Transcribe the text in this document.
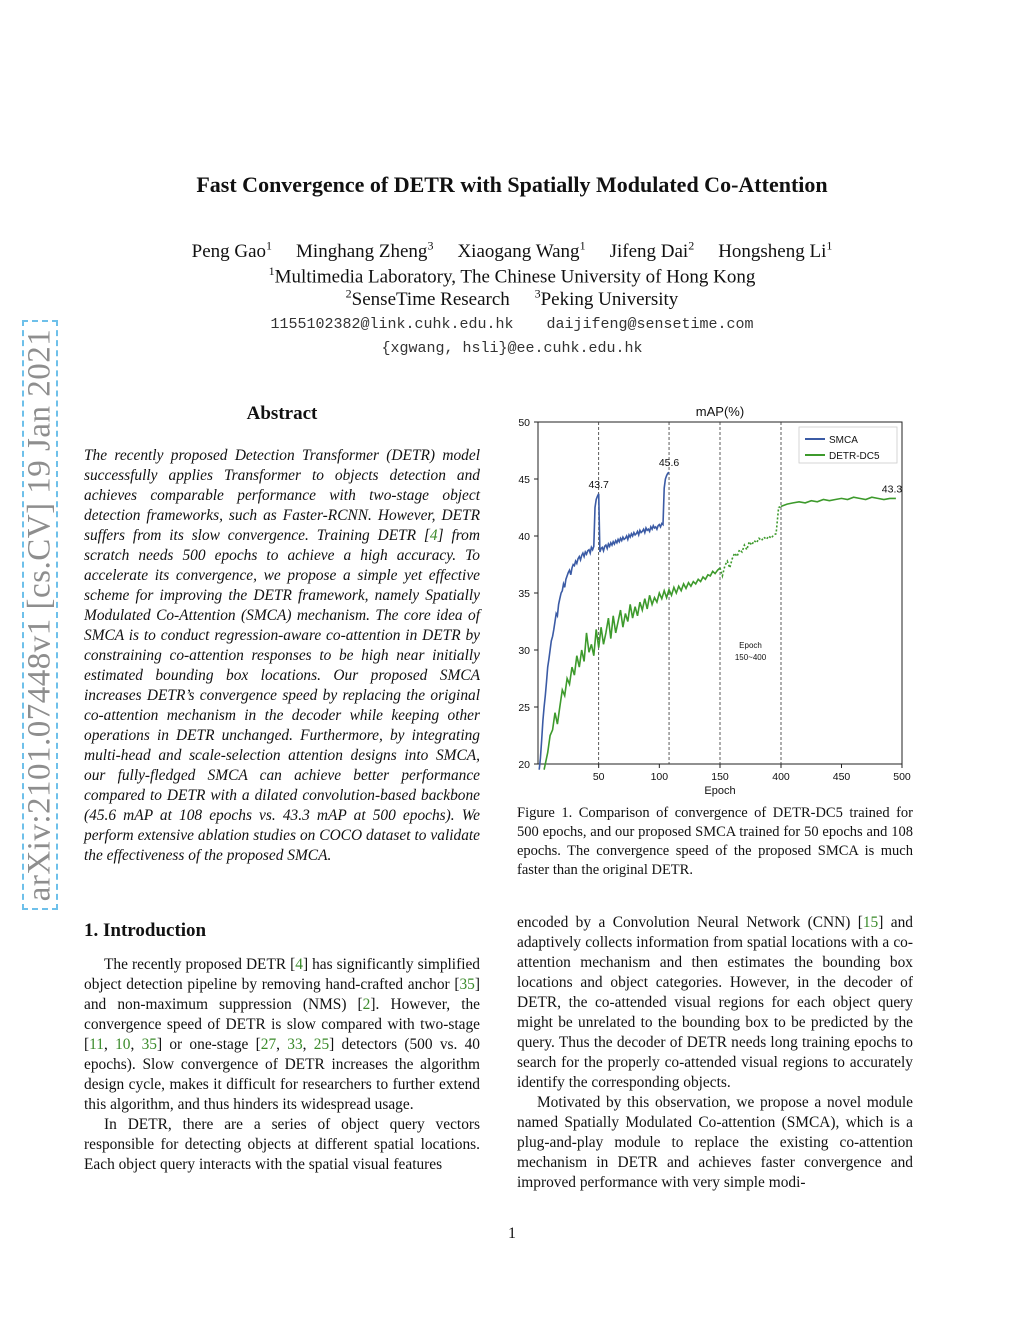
Fast Convergence of DETR with Spatially Modulated Co-Attention
Peng Gao$^1$ Minghang Zheng$^3$ Xiaogang Wang$^1$ Jifeng Dai$^2$ Hongsheng Li$^1$
$^1$Multimedia Laboratory, The Chinese University of Hong Kong
$^2$SenseTime Research $^3$Peking University
1155102382@link.cuhk.edu.hk daijifeng@sensetime.com
{xgwang, hsli}@ee.cuhk.edu.hk
arXiv:2101.07448v1 [cs.CV] 19 Jan 2021	Abstract

The recently proposed Detection Transformer (DETR) model successfully applies Transformer to objects detection and achieves comparable performance with two-stage object detection frameworks, such as Faster-RCNN. However, DETR suffers from its slow convergence. Training DETR [4] from scratch needs 500 epochs to achieve a high accuracy. To accelerate its convergence, we propose a simple yet effective scheme for improving the DETR framework, namely Spatially Modulated Co-Attention (SMCA) mechanism. The core idea of SMCA is to conduct regression-aware co-attention in DETR by constraining co-attention responses to be high near initially estimated bounding box locations. Our proposed SMCA increases DETR’s convergence speed by replacing the original co-attention mechanism in the decoder while keeping other operations in DETR unchanged. Furthermore, by integrating multi-head and scale-selection attention designs into SMCA, our fully-fledged SMCA can achieve better performance compared to DETR with a dilated convolution-based backbone (45.6 mAP at 108 epochs vs. 43.3 mAP at 500 epochs). We perform extensive ablation studies on COCO dataset to validate the effectiveness of the proposed SMCA.

1. Introduction

The recently proposed DETR [4] has significantly simplified object detection pipeline by removing hand-crafted anchor [35] and non-maximum suppression (NMS) [2]. However, the convergence speed of DETR is slow compared with two-stage [11, 10, 35] or one-stage [27, 33, 25] detectors (500 vs. 40 epochs). Slow convergence of DETR increases the algorithm design cycle, makes it difficult for researchers to further extend this algorithm, and thus hinders its widespread usage.

In DETR, there are a series of object query vectors responsible for detecting objects at different spatial locations. Each object query interacts with the spatial visual features

encoded by a Convolution Neural Network (CNN) [15] and adaptively collects information from spatial locations with a co-attention mechanism and then estimates the bounding box locations and object categories. However, in the decoder of DETR, the co-attended visual regions for each object query might be unrelated to the bounding box to be predicted by the query. Thus the decoder of DETR needs long training epochs to search for the properly co-attended visual regions to accurately identify the corresponding objects.

Motivated by this observation, we propose a novel module named Spatially Modulated Co-attention (SMCA), which is a plug-and-play module to replace the existing co-attention mechanism in DETR and achieves faster convergence and improved performance with very simple modi-

Figure 1. Comparison of convergence of DETR-DC5 trained for 500 epochs, and our proposed SMCA trained for 50 epochs and 108 epochs. The convergence speed of the proposed SMCA is much faster than the original DETR.

mAP(%)
20
25
30
35
40
45
50
50	100	150	400	450	500
Epoch
43.7
45.6
43.3
Epoch
150~400
SMCA
DETR-DC5
1
